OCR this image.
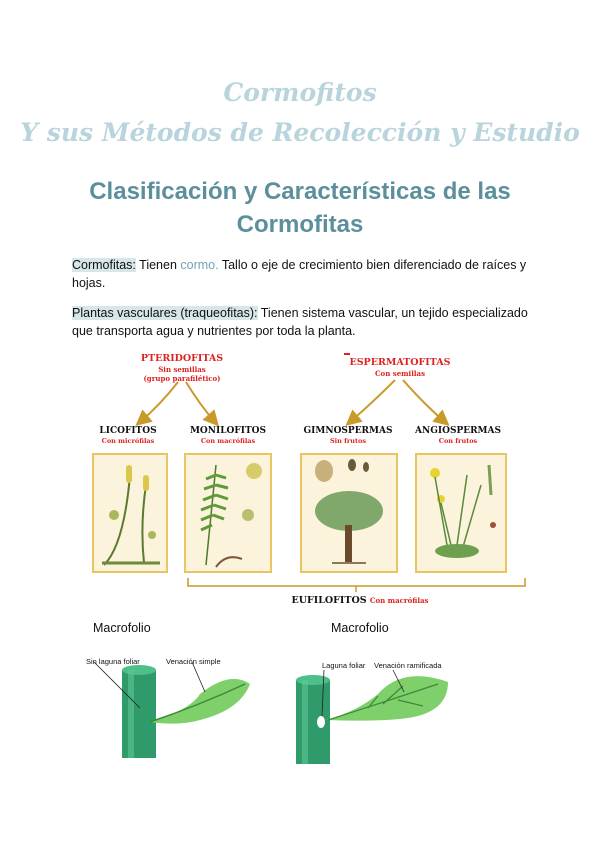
Cormofitos
Y sus Métodos de Recolección y Estudio
Clasificación y Características de las
Cormofitas
Cormofitas: Tienen cormo. Tallo o eje de crecimiento bien diferenciado de raíces y
hojas.
Plantas vasculares (traqueofitas): Tienen sistema vascular, un tejido especializado
que transporta agua y nutrientes por toda la planta.
PTERIDOFITAS
Sin semillas
(grupo parafilético)
ESPERMATOFITAS
Con semillas
LICOFITOS
Con micrófilas
MONILOFITOS
Con macrófilas
GIMNOSPERMAS
Sin frutos
ANGIOSPERMAS
Con frutos
EUFILOFITOS Con macrófilas
Macrofolio	Macrofolio
Sin laguna foliar	Venación simple	Laguna foliar Venación ramificada
